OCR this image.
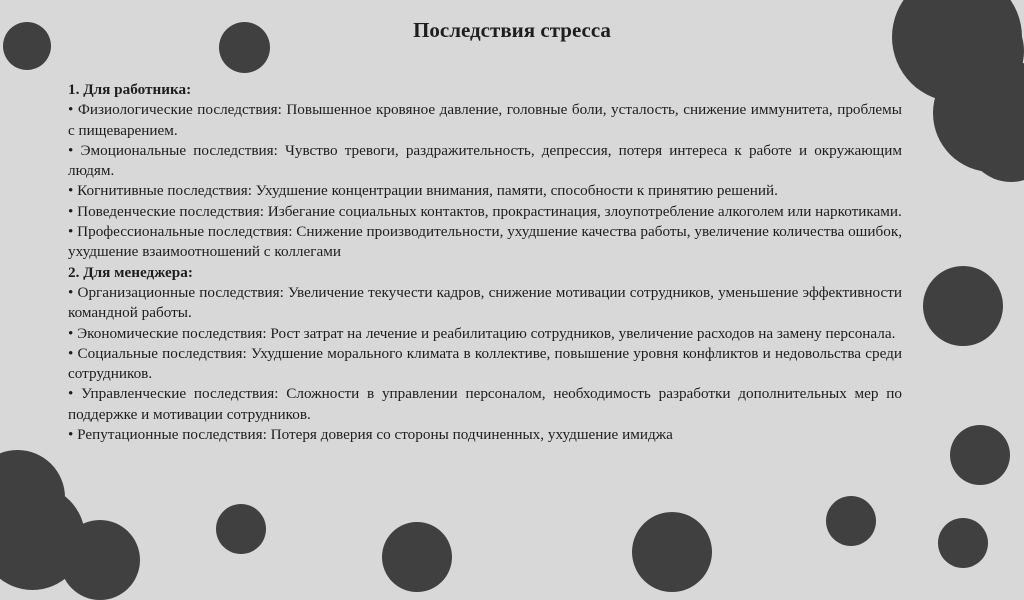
Последствия стресса
1. Для работника:
• Физиологические последствия: Повышенное кровяное давление, головные боли, усталость, снижение иммунитета, проблемы с пищеварением.
• Эмоциональные последствия: Чувство тревоги, раздражительность, депрессия, потеря интереса к работе и окружающим людям.
• Когнитивные последствия: Ухудшение концентрации внимания, памяти, способности к принятию решений.
• Поведенческие последствия: Избегание социальных контактов, прокрастинация, злоупотребление алкоголем или наркотиками.
• Профессиональные последствия: Снижение производительности, ухудшение качества работы, увеличение количества ошибок, ухудшение взаимоотношений с коллегами
2. Для менеджера:
• Организационные последствия: Увеличение текучести кадров, снижение мотивации сотрудников, уменьшение эффективности командной работы.
• Экономические последствия: Рост затрат на лечение и реабилитацию сотрудников, увеличение расходов на замену персонала.
• Социальные последствия: Ухудшение морального климата в коллективе, повышение уровня конфликтов и недовольства среди сотрудников.
• Управленческие последствия: Сложности в управлении персоналом, необходимость разработки дополнительных мер по поддержке и мотивации сотрудников.
• Репутационные последствия: Потеря доверия со стороны подчиненных, ухудшение имиджа
